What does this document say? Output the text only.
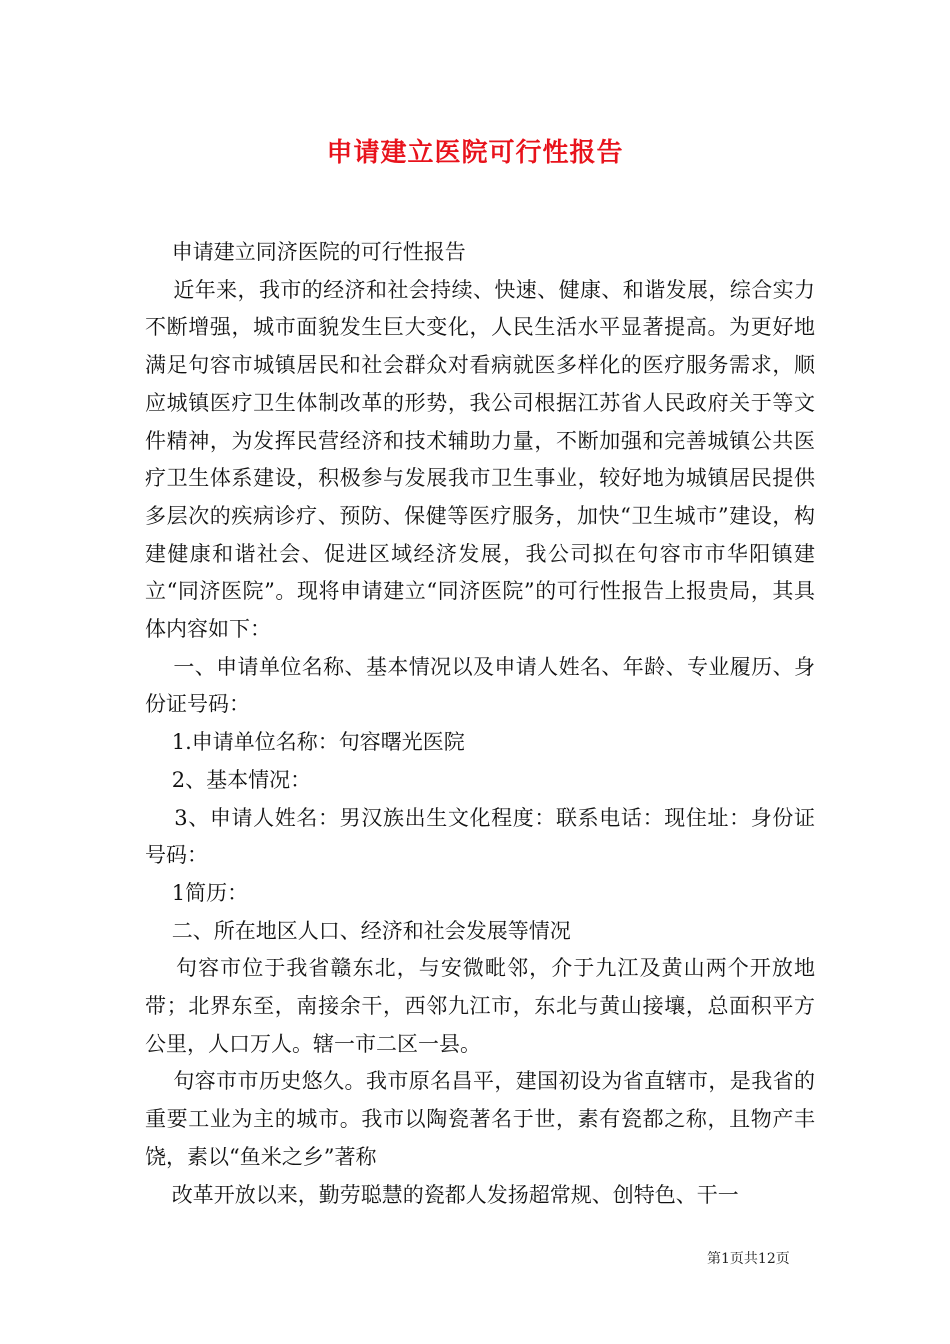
申请建立医院可行性报告

申请建立同济医院的可行性报告

近年来，我市的经济和社会持续、快速、健康、和谐发展，综合实力不断增强，城市面貌发生巨大变化，人民生活水平显著提高。为更好地满足句容市城镇居民和社会群众对看病就医多样化的医疗服务需求，顺应城镇医疗卫生体制改革的形势，我公司根据江苏省人民政府关于等文件精神，为发挥民营经济和技术辅助力量，不断加强和完善城镇公共医疗卫生体系建设，积极参与发展我市卫生事业，较好地为城镇居民提供多层次的疾病诊疗、预防、保健等医疗服务，加快“卫生城市”建设，构建健康和谐社会、促进区域经济发展，我公司拟在句容市市华阳镇建立“同济医院”。现将申请建立“同济医院”的可行性报告上报贵局，其具体内容如下：

一、申请单位名称、基本情况以及申请人姓名、年龄、专业履历、身份证号码：

1.申请单位名称：句容曙光医院

2、基本情况：

3、申请人姓名：男汉族出生文化程度：联系电话：现住址：身份证号码：

1简历：

二、所在地区人口、经济和社会发展等情况

句容市位于我省赣东北，与安微毗邻，介于九江及黄山两个开放地带；北界东至，南接余干，西邻九江市，东北与黄山接壤，总面积平方公里，人口万人。辖一市二区一县。

句容市市历史悠久。我市原名昌平，建国初设为省直辖市，是我省的重要工业为主的城市。我市以陶瓷著名于世，素有瓷都之称，且物产丰饶，素以“鱼米之乡”著称

改革开放以来，勤劳聪慧的瓷都人发扬超常规、创特色、干一

第1页共12页
